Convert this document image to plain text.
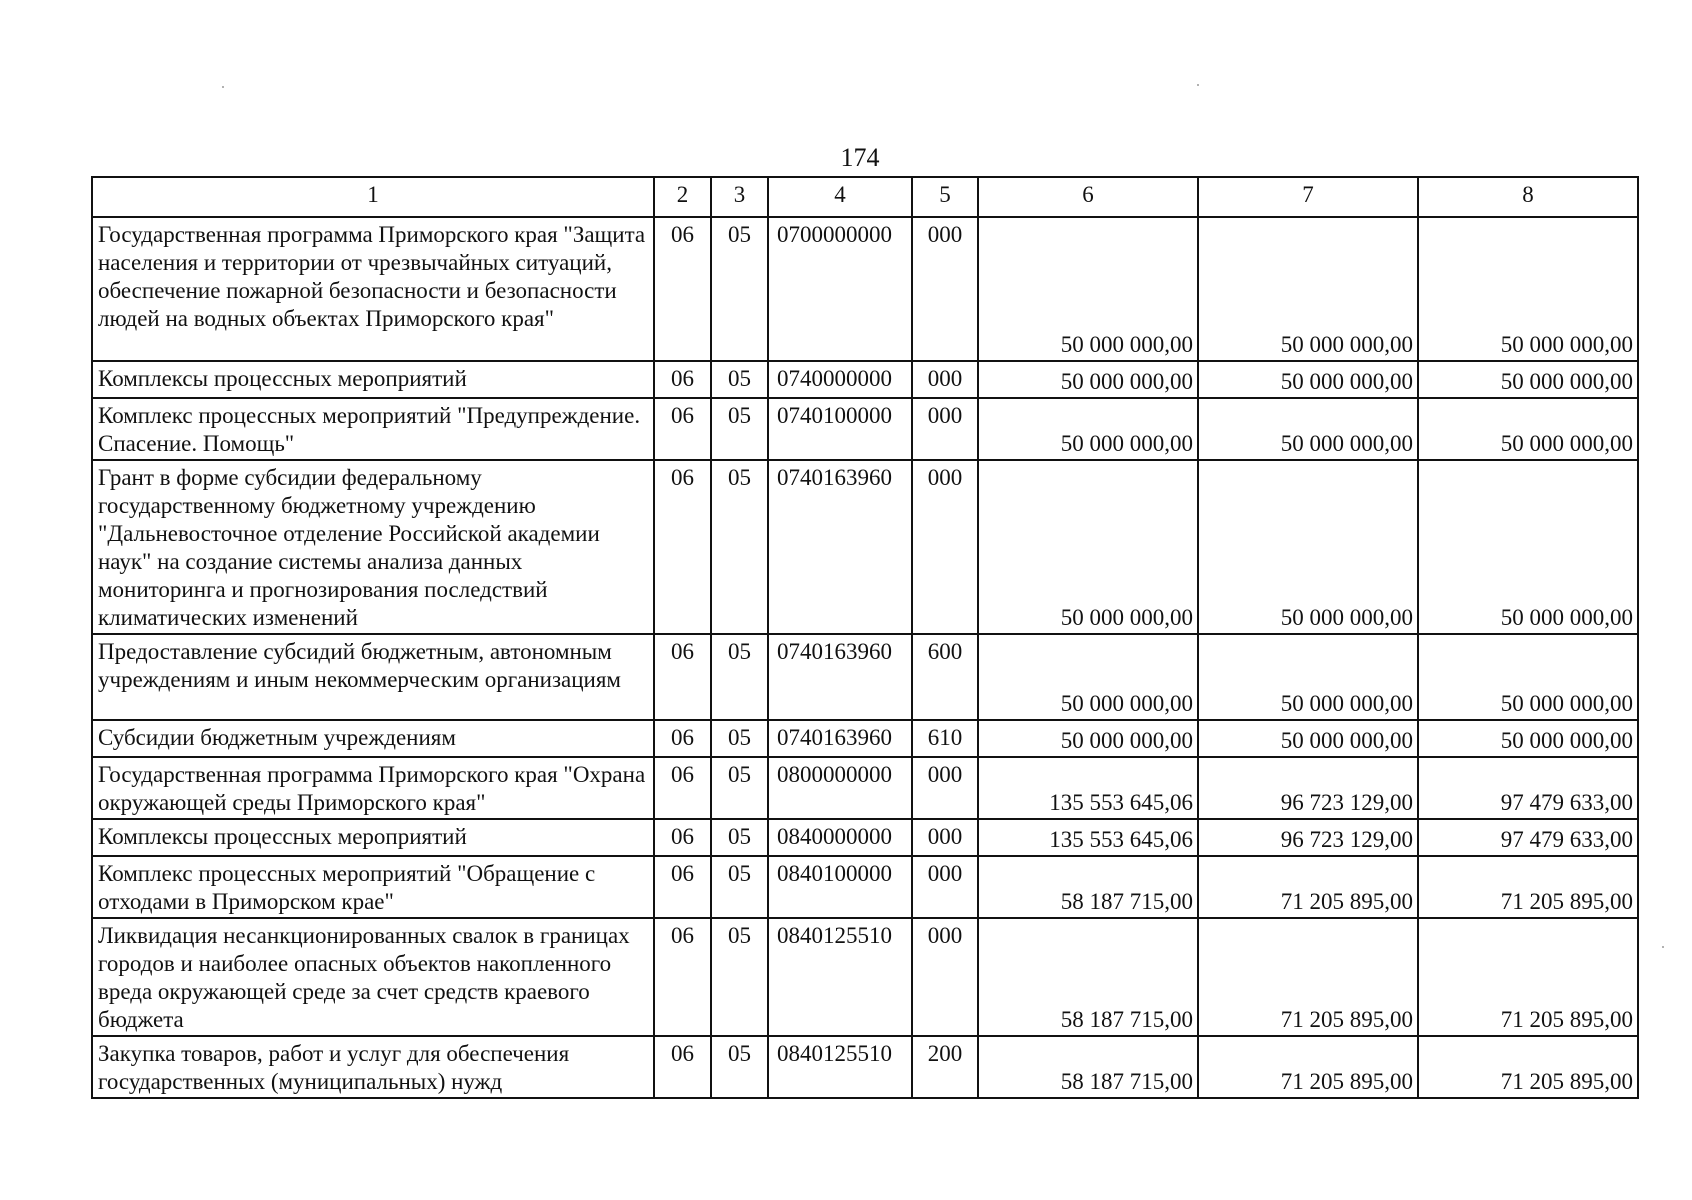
174
1	2	3	4	5	6	7	8
Государственная программа Приморского края "Защита населения и территории от чрезвычайных ситуаций, обеспечение пожарной безопасности и безопасности людей на водных объектах Приморского края"	06	05	0700000000	000	50 000 000,00	50 000 000,00	50 000 000,00
Комплексы процессных мероприятий	06	05	0740000000	000	50 000 000,00	50 000 000,00	50 000 000,00
Комплекс процессных мероприятий "Предупреждение. Спасение. Помощь"	06	05	0740100000	000	50 000 000,00	50 000 000,00	50 000 000,00
Грант в форме субсидии федеральному государственному бюджетному учреждению "Дальневосточное отделение Российской академии наук" на создание системы анализа данных мониторинга и прогнозирования последствий климатических изменений	06	05	0740163960	000	50 000 000,00	50 000 000,00	50 000 000,00
Предоставление субсидий бюджетным, автономным учреждениям и иным некоммерческим организациям	06	05	0740163960	600	50 000 000,00	50 000 000,00	50 000 000,00
Субсидии бюджетным учреждениям	06	05	0740163960	610	50 000 000,00	50 000 000,00	50 000 000,00
Государственная программа Приморского края "Охрана окружающей среды Приморского края"	06	05	0800000000	000	135 553 645,06	96 723 129,00	97 479 633,00
Комплексы процессных мероприятий	06	05	0840000000	000	135 553 645,06	96 723 129,00	97 479 633,00
Комплекс процессных мероприятий "Обращение с отходами в Приморском крае"	06	05	0840100000	000	58 187 715,00	71 205 895,00	71 205 895,00
Ликвидация несанкционированных свалок в границах городов и наиболее опасных объектов накопленного вреда окружающей среде за счет средств краевого бюджета	06	05	0840125510	000	58 187 715,00	71 205 895,00	71 205 895,00
Закупка товаров, работ и услуг для обеспечения государственных (муниципальных) нужд	06	05	0840125510	200	58 187 715,00	71 205 895,00	71 205 895,00
